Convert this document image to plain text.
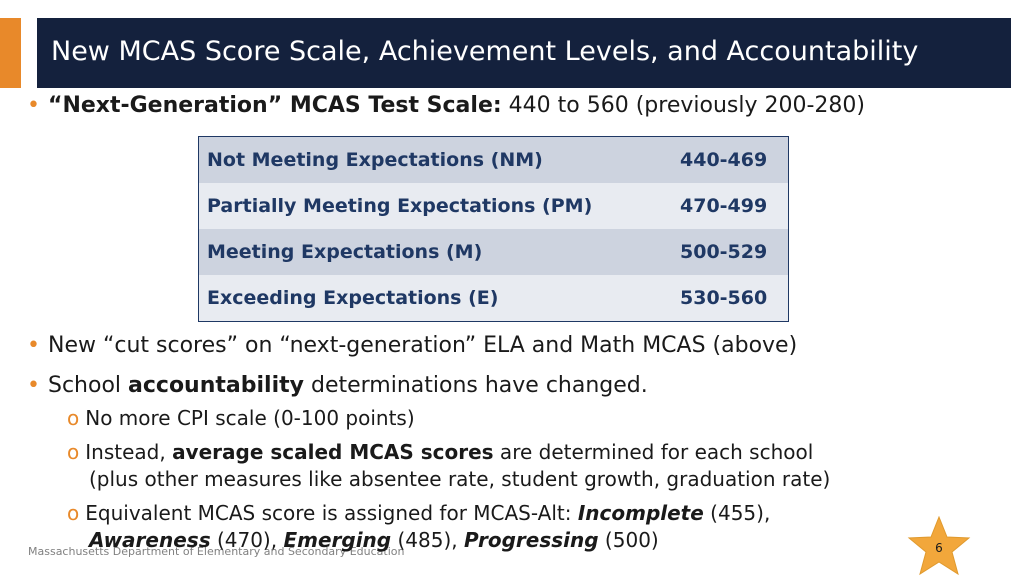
New MCAS Score Scale, Achievement Levels, and Accountability
• “Next-Generation” MCAS Test Scale: 440 to 560 (previously 200-280)
Not Meeting Expectations (NM)	440-469
Partially Meeting Expectations (PM)	470-499
Meeting Expectations (M)	500-529
Exceeding Expectations (E)	530-560
• New “cut scores” on “next-generation” ELA and Math MCAS (above)
• School accountability determinations have changed.
o No more CPI scale (0-100 points)
o Instead, average scaled MCAS scores are determined for each school
(plus other measures like absentee rate, student growth, graduation rate)
o Equivalent MCAS score is assigned for MCAS-Alt: Incomplete (455),
Massachusetts Department of Elementary and Secondary Education
Awareness (470), Emerging (485), Progressing (500)	6
